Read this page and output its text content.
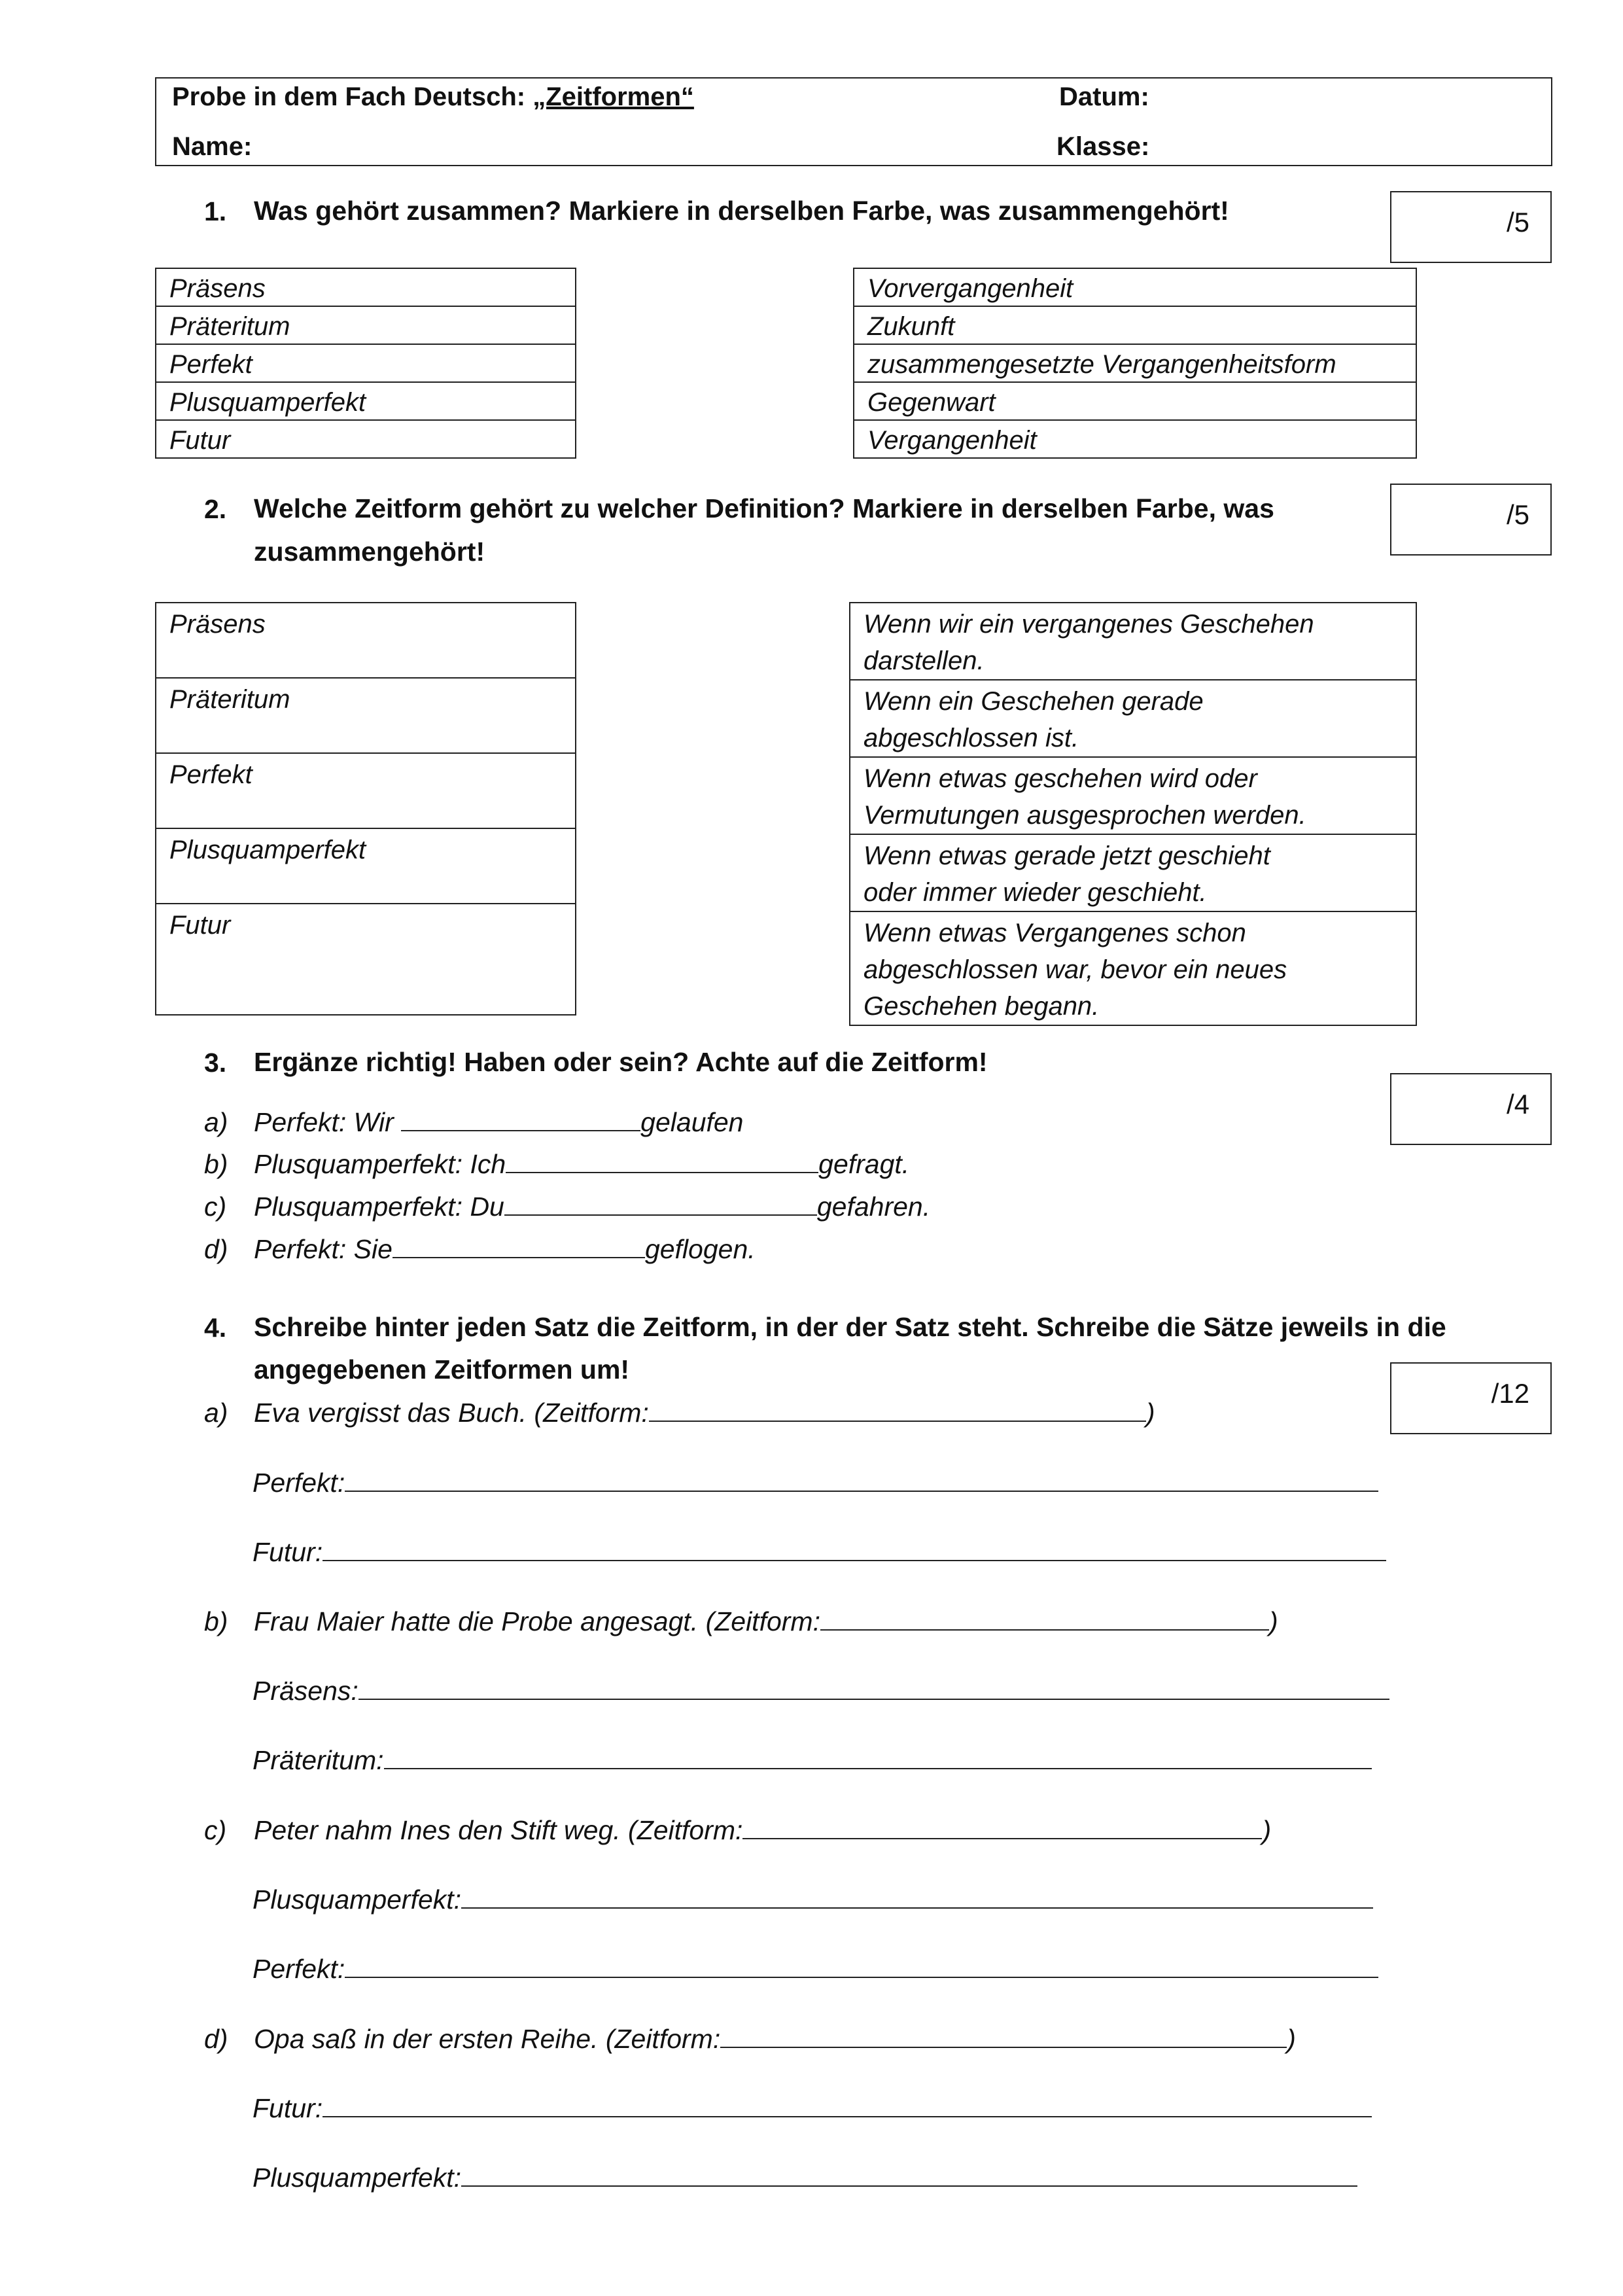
Probe in dem Fach Deutsch: „Zeitformen“	Datum:
Name:	Klasse:
1. Was gehört zusammen? Markiere in derselben Farbe, was zusammengehört!	/5
Präsens
Präteritum
Perfekt
Plusquamperfekt
Futur
Vorvergangenheit
Zukunft
zusammengesetzte Vergangenheitsform
Gegenwart
Vergangenheit
2. Welche Zeitform gehört zu welcher Definition? Markiere in derselben Farbe, was
zusammengehört!
/5
Präsens
Präteritum
Perfekt
Plusquamperfekt
Futur
Wenn wir ein vergangenes Geschehen
darstellen.

Wenn ein Geschehen gerade
abgeschlossen ist.

Wenn etwas geschehen wird oder
Vermutungen ausgesprochen werden.

Wenn etwas gerade jetzt geschieht
oder immer wieder geschieht.

Wenn etwas Vergangenes schon
abgeschlossen war, bevor ein neues
Geschehen begann.
3. Ergänze richtig! Haben oder sein? Achte auf die Zeitform!
/4
a) Perfekt: Wir	gelaufen
b) Plusquamperfekt: Ich	gefragt.
c) Plusquamperfekt: Du	gefahren.
d) Perfekt: Sie	geflogen.
4. Schreibe hinter jeden Satz die Zeitform, in der der Satz steht. Schreibe die Sätze jeweils in die
angegebenen Zeitformen um!
/12
a) Eva vergisst das Buch. (Zeitform:	)
Perfekt:
Futur:
b) Frau Maier hatte die Probe angesagt. (Zeitform:	)
Präsens:
Präteritum:
c) Peter nahm Ines den Stift weg. (Zeitform:	)
Plusquamperfekt:
Perfekt:
d) Opa saß in der ersten Reihe. (Zeitform:	)
Futur:
Plusquamperfekt:
